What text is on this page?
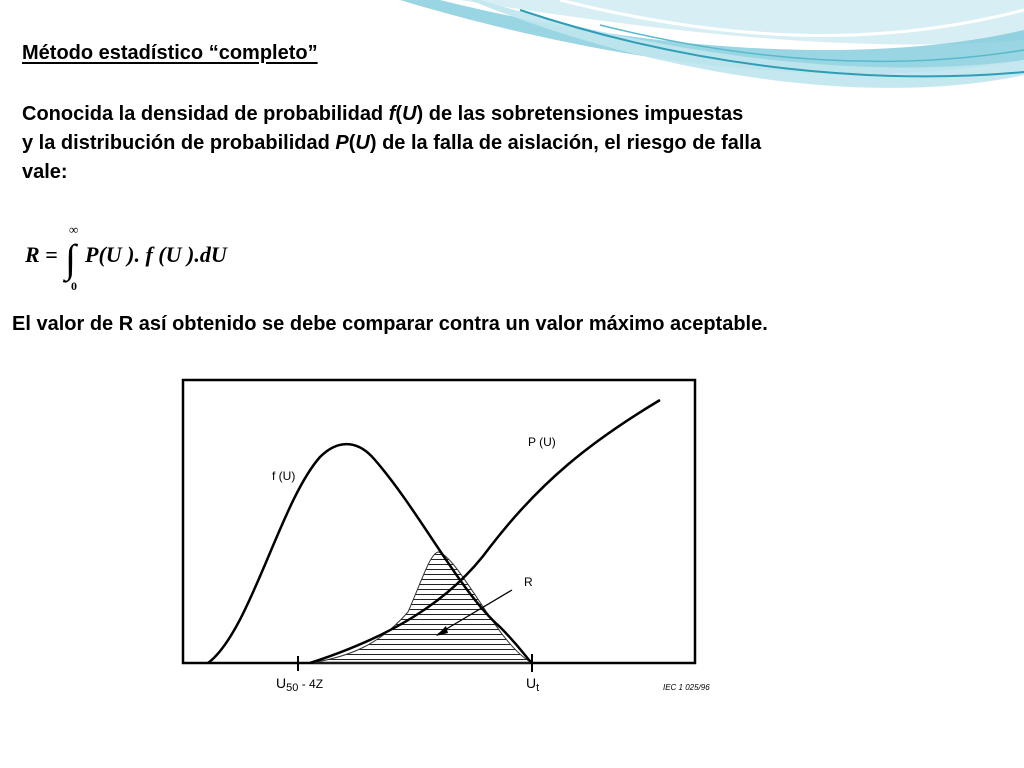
Método estadístico “completo”
Conocida la densidad de probabilidad f(U) de las sobretensiones impuestas
y la distribución de probabilidad P(U) de la falla de aislación, el riesgo de falla
vale:
R =
∞
∫
0
P(U ). f (U ).dU
El valor de R así obtenido se debe comparar contra un valor máximo aceptable.
f (U)
P (U)
R
$U_{50} - 4Z$	$U_t$	IEC 1 025/96
